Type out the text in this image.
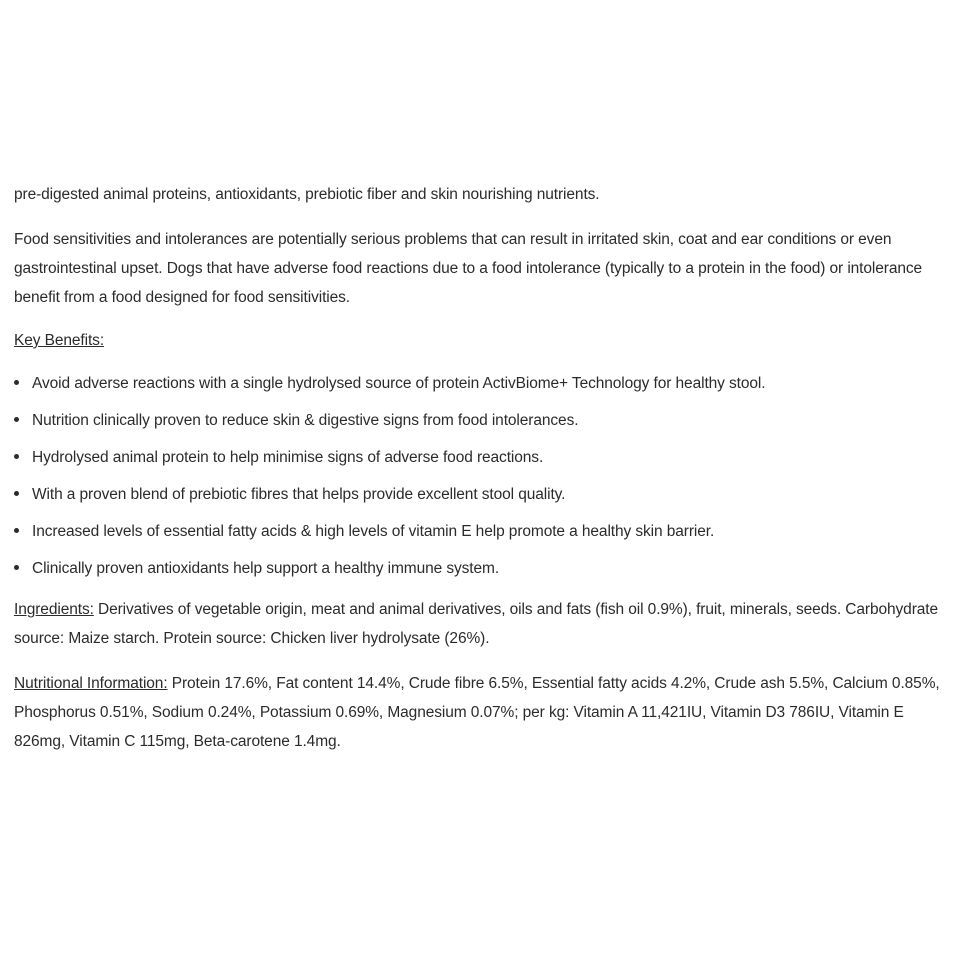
pre-digested animal proteins, antioxidants, prebiotic fiber and skin nourishing nutrients.

Food sensitivities and intolerances are potentially serious problems that can result in irritated skin, coat and ear conditions or even gastrointestinal upset. Dogs that have adverse food reactions due to a food intolerance (typically to a protein in the food) or intolerance benefit from a food designed for food sensitivities.

Key Benefits:

Avoid adverse reactions with a single hydrolysed source of protein ActivBiome+ Technology for healthy stool.
Nutrition clinically proven to reduce skin & digestive signs from food intolerances.
Hydrolysed animal protein to help minimise signs of adverse food reactions.
With a proven blend of prebiotic fibres that helps provide excellent stool quality.
Increased levels of essential fatty acids & high levels of vitamin E help promote a healthy skin barrier.
Clinically proven antioxidants help support a healthy immune system.

Ingredients: Derivatives of vegetable origin, meat and animal derivatives, oils and fats (fish oil 0.9%), fruit, minerals, seeds. Carbohydrate source: Maize starch. Protein source: Chicken liver hydrolysate (26%).

Nutritional Information: Protein 17.6%, Fat content 14.4%, Crude fibre 6.5%, Essential fatty acids 4.2%, Crude ash 5.5%, Calcium 0.85%, Phosphorus 0.51%, Sodium 0.24%, Potassium 0.69%, Magnesium 0.07%; per kg: Vitamin A 11,421IU, Vitamin D3 786IU, Vitamin E 826mg, Vitamin C 115mg, Beta-carotene 1.4mg.
